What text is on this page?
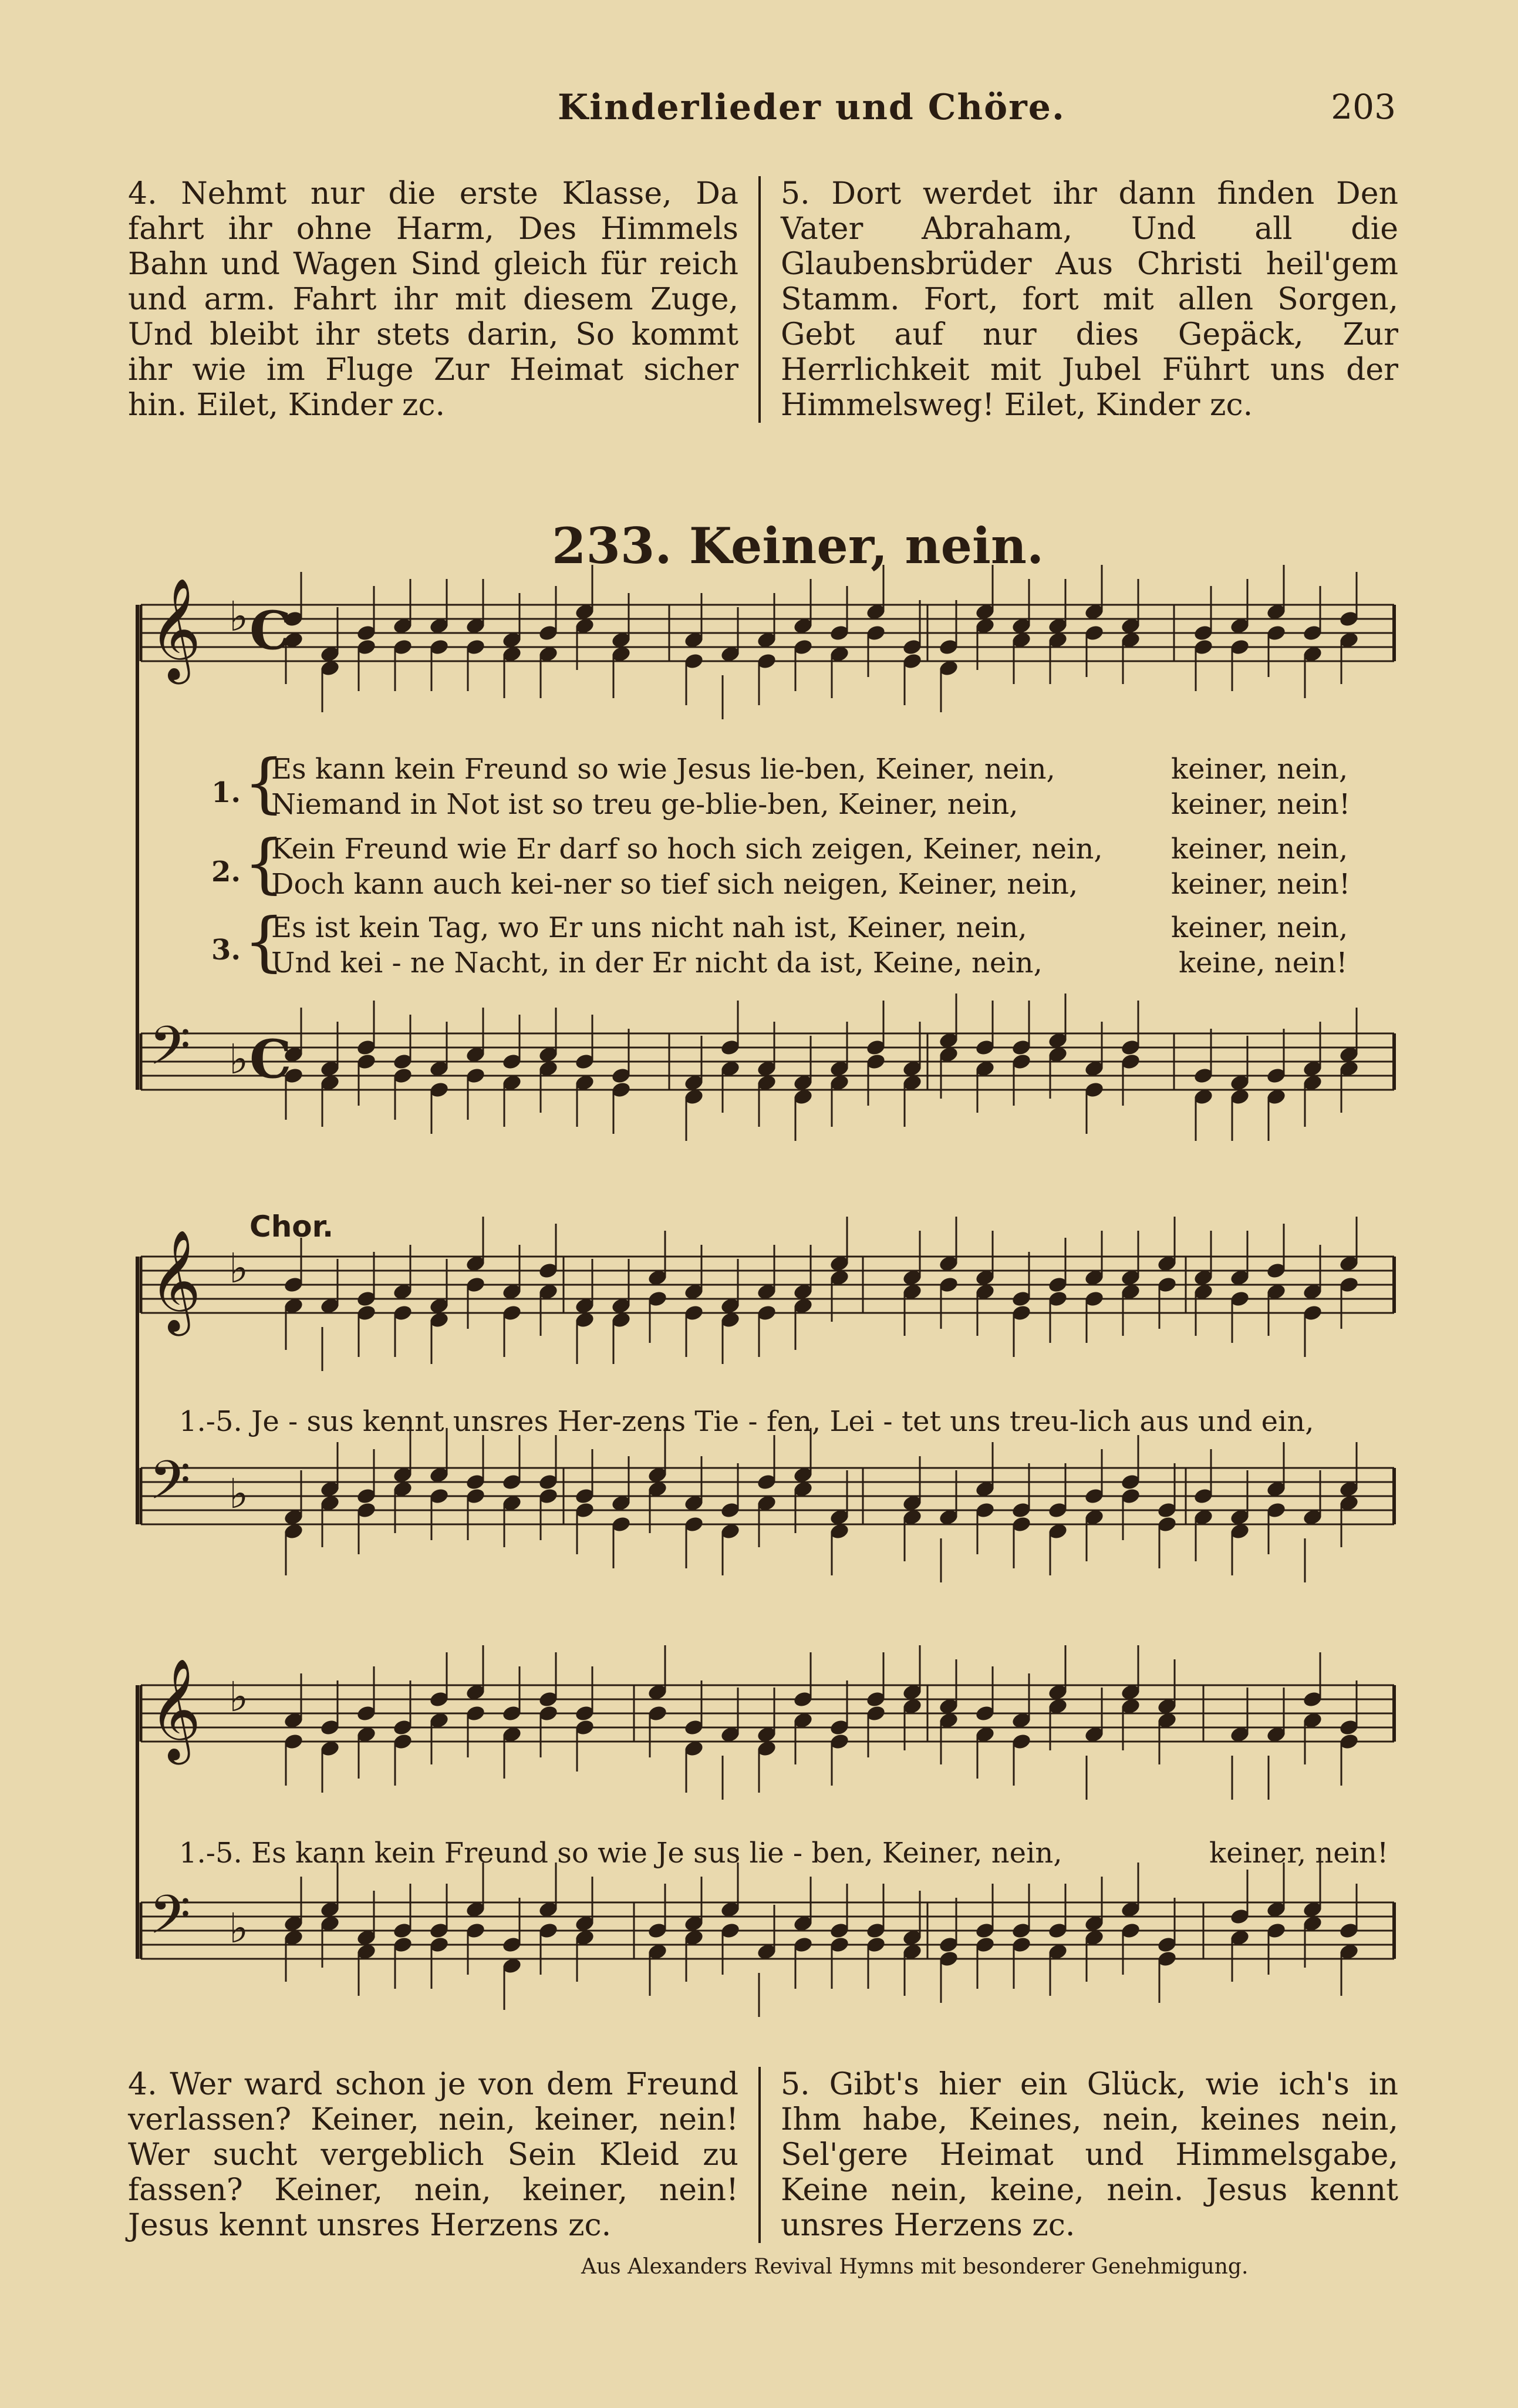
Kinderlieder und Chöre.	203
4. Nehmt nur die erste Klasse, Da fahrt ihr ohne Harm, Des Himmels Bahn und Wagen Sind gleich für reich und arm. Fahrt ihr mit diesem Zuge, Und bleibt ihr stets darin, So kommt ihr wie im Fluge Zur Heimat sicher hin. Eilet, Kinder zc.
5. Dort werdet ihr dann finden Den Vater Abraham, Und all die Glaubensbrüder Aus Christi heil'gem Stamm. Fort, fort mit allen Sorgen, Gebt auf nur dies Gepäck, Zur Herrlichkeit mit Jubel Führt uns der Himmelsweg! Eilet, Kinder zc.
233. Keiner, nein.
𝄞 ♭
𝄢 ♭
𝄞 ♭
𝄢 ♭
𝄞 ♭
𝄢 ♭
C
C
{
1.
Es kann kein Freund so wie Jesus lie-ben, Keiner, nein,	keiner, nein,
Niemand in Not ist so treu ge-blie-ben, Keiner, nein,	keiner, nein!
{
2.
Kein Freund wie Er darf so hoch sich zeigen, Keiner, nein, keiner, nein,
Doch kann auch kei-ner so tief sich neigen, Keiner, nein,	keiner, nein!
{
3.
Es ist kein Tag, wo Er uns nicht nah ist, Keiner, nein,	keiner, nein,
Und kei - ne Nacht, in der Er nicht da ist, Keine, nein,	keine, nein!
Chor.
1.-5. Je - sus kennt unsres Her-zens Tie - fen, Lei - tet uns treu-lich aus und ein,
1.-5. Es kann kein Freund so wie Je sus lie - ben, Keiner, nein,	keiner, nein!
4. Wer ward schon je von dem Freund verlassen? Keiner, nein, keiner, nein! Wer sucht vergeblich Sein Kleid zu fassen? Keiner, nein, keiner, nein! Jesus kennt unsres Herzens zc.
5. Gibt's hier ein Glück, wie ich's in Ihm habe, Keines, nein, keines nein, Sel'gere Heimat und Himmelsgabe, Keine nein, keine, nein. Jesus kennt unsres Herzens zc.
Aus Alexanders Revival Hymns mit besonderer Genehmigung.
